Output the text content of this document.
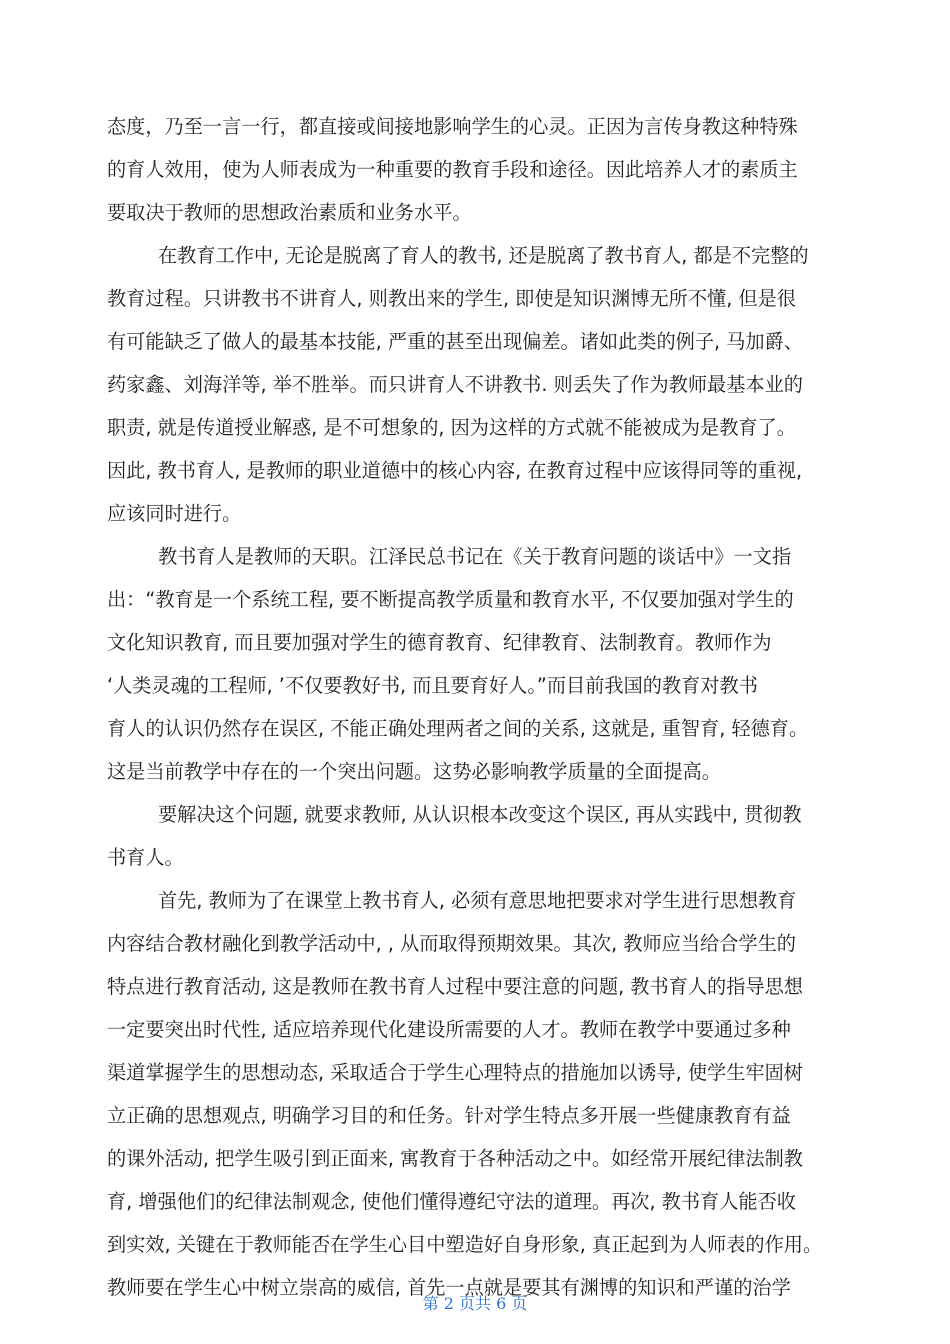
态度，乃至一言一行，都直接或间接地影响学生的心灵。正因为言传身教这种特殊
的育人效用，使为人师表成为一种重要的教育手段和途径。因此培养人才的素质主
要取决于教师的思想政治素质和业务水平。
在教育工作中, 无论是脱离了育人的教书, 还是脱离了教书育人, 都是不完整的
教育过程。只讲教书不讲育人, 则教出来的学生, 即使是知识渊博无所不懂, 但是很
有可能缺乏了做人的最基本技能, 严重的甚至出现偏差。诸如此类的例子, 马加爵、
药家鑫、刘海洋等, 举不胜举。而只讲育人不讲教书. 则丢失了作为教师最基本业的
职责, 就是传道授业解惑, 是不可想象的, 因为这样的方式就不能被成为是教育了。
因此, 教书育人, 是教师的职业道德中的核心内容, 在教育过程中应该得同等的重视,
应该同时进行。
教书育人是教师的天职。江泽民总书记在《关于教育问题的谈话中》一文指
出：“教育是一个系统工程, 要不断提高教学质量和教育水平, 不仅要加强对学生的
文化知识教育, 而且要加强对学生的德育教育、纪律教育、法制教育。教师作为
‘人类灵魂的工程师, ’不仅要教好书, 而且要育好人。”而目前我国的教育对教书
育人的认识仍然存在误区, 不能正确处理两者之间的关系, 这就是, 重智育, 轻德育。
这是当前教学中存在的一个突出问题。这势必影响教学质量的全面提高。
要解决这个问题, 就要求教师, 从认识根本改变这个误区, 再从实践中, 贯彻教
书育人。
首先, 教师为了在课堂上教书育人, 必须有意思地把要求对学生进行思想教育
内容结合教材融化到教学活动中, , 从而取得预期效果。其次, 教师应当给合学生的
特点进行教育活动, 这是教师在教书育人过程中要注意的问题, 教书育人的指导思想
一定要突出时代性, 适应培养现代化建设所需要的人才。教师在教学中要通过多种
渠道掌握学生的思想动态, 采取适合于学生心理特点的措施加以诱导, 使学生牢固树
立正确的思想观点, 明确学习目的和任务。针对学生特点多开展一些健康教育有益
的课外活动, 把学生吸引到正面来, 寓教育于各种活动之中。如经常开展纪律法制教
育, 增强他们的纪律法制观念, 使他们懂得遵纪守法的道理。再次, 教书育人能否收
到实效, 关键在于教师能否在学生心目中塑造好自身形象, 真正起到为人师表的作用。
教师要在学生心中树立崇高的威信, 首先一点就是要其有渊博的知识和严谨的治学
第 2 页共 6 页
